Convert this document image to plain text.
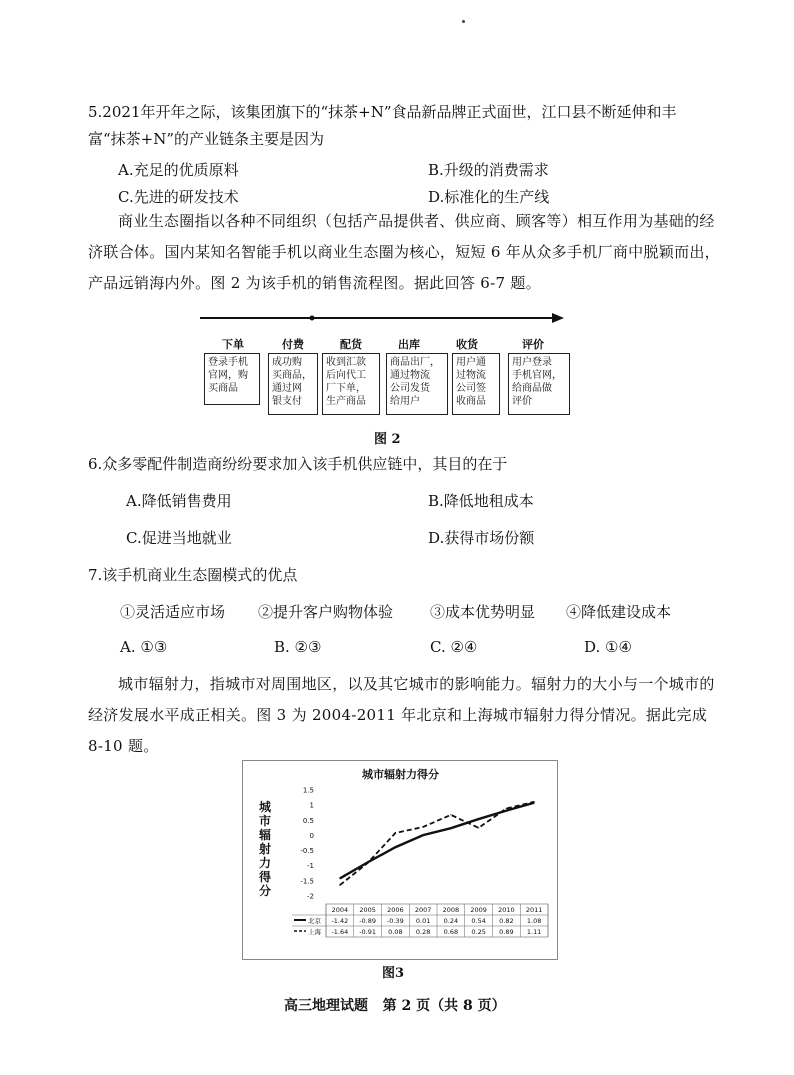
5.2021年开年之际，该集团旗下的“抹茶+N”食品新品牌正式面世，江口县不断延伸和丰
富“抹茶+N”的产业链条主要是因为
A.充足的优质原料	B.升级的消费需求
C.先进的研发技术	D.标准化的生产线
商业生态圈指以各种不同组织（包括产品提供者、供应商、顾客等）相互作用为基础的经济联合体。国内某知名智能手机以商业生态圈为核心，短短 6 年从众多手机厂商中脱颖而出，产品远销海内外。图 2 为该手机的销售流程图。据此回答 6-7 题。
下单	付费	配货	出库	收货	评价
登录手机
官网，购
买商品
成功购
买商品，
通过网
银支付
收到汇款
后向代工
厂下单，
生产商品
商品出厂，
通过物流
公司发货
给用户
用户通
过物流
公司签
收商品
用户登录
手机官网，
给商品做
评价
图 2
6.众多零配件制造商纷纷要求加入该手机供应链中，其目的在于
A.降低销售费用	B.降低地租成本
C.促进当地就业	D.获得市场份额
7.该手机商业生态圈模式的优点
①灵活适应市场 ②提升客户购物体验 ③成本优势明显 ④降低建设成本
A. ①③	B. ②③	C. ②④	D. ①④
城市辐射力，指城市对周围地区，以及其它城市的影响能力。辐射力的大小与一个城市的经济发展水平成正相关。图 3 为 2004-2011 年北京和上海城市辐射力得分情况。据此完成 8-10 题。
城市辐射力得分
城
市
辐
射
力
得
分
1.5
1
0.5
0
-0.5
-1
-1.5
-2
2004 2005 2006 2007 2008 2009 2010 2011
北京 -1.42 -0.89 -0.39 0.01 0.24 0.54 0.82 1.08
上海 -1.64 -0.91 0.08 0.28 0.68 0.25 0.89 1.11
图3
高三地理试题   第 2 页（共 8 页）
